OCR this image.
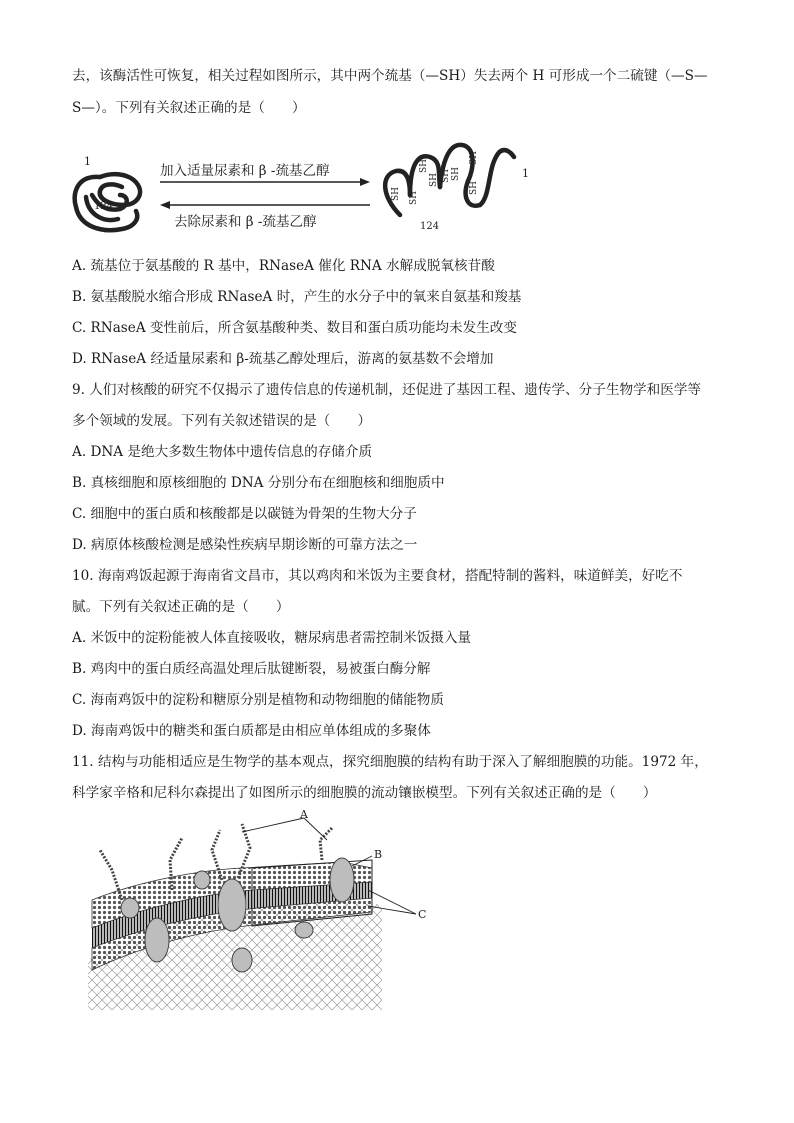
去，该酶活性可恢复，相关过程如图所示，其中两个巯基（—SH）失去两个 H 可形成一个二硫键（—S—
S—）。下列有关叙述正确的是（　　）
1
124
加入适量尿素和 β -巯基乙醇
去除尿素和 β -巯基乙醇
SH SH
SH
SH SH SH
SH
SH
1
124
A. 巯基位于氨基酸的 R 基中，RNaseA 催化 RNA 水解成脱氧核苷酸
B. 氨基酸脱水缩合形成 RNaseA 时，产生的水分子中的氧来自氨基和羧基
C. RNaseA 变性前后，所含氨基酸种类、数目和蛋白质功能均未发生改变
D. RNaseA 经适量尿素和 β-巯基乙醇处理后，游离的氨基数不会增加
9. 人们对核酸的研究不仅揭示了遗传信息的传递机制，还促进了基因工程、遗传学、分子生物学和医学等
多个领域的发展。下列有关叙述错误的是（　　）
A. DNA 是绝大多数生物体中遗传信息的存储介质
B. 真核细胞和原核细胞的 DNA 分别分布在细胞核和细胞质中
C. 细胞中的蛋白质和核酸都是以碳链为骨架的生物大分子
D. 病原体核酸检测是感染性疾病早期诊断的可靠方法之一
10. 海南鸡饭起源于海南省文昌市，其以鸡肉和米饭为主要食材，搭配特制的酱料，味道鲜美，好吃不
腻。下列有关叙述正确的是（　　）
A. 米饭中的淀粉能被人体直接吸收，糖尿病患者需控制米饭摄入量
B. 鸡肉中的蛋白质经高温处理后肽键断裂，易被蛋白酶分解
C. 海南鸡饭中的淀粉和糖原分别是植物和动物细胞的储能物质
D. 海南鸡饭中的糖类和蛋白质都是由相应单体组成的多聚体
11. 结构与功能相适应是生物学的基本观点，探究细胞膜的结构有助于深入了解细胞膜的功能。1972 年，
科学家辛格和尼科尔森提出了如图所示的细胞膜的流动镶嵌模型。下列有关叙述正确的是（　　）
A
B
C
